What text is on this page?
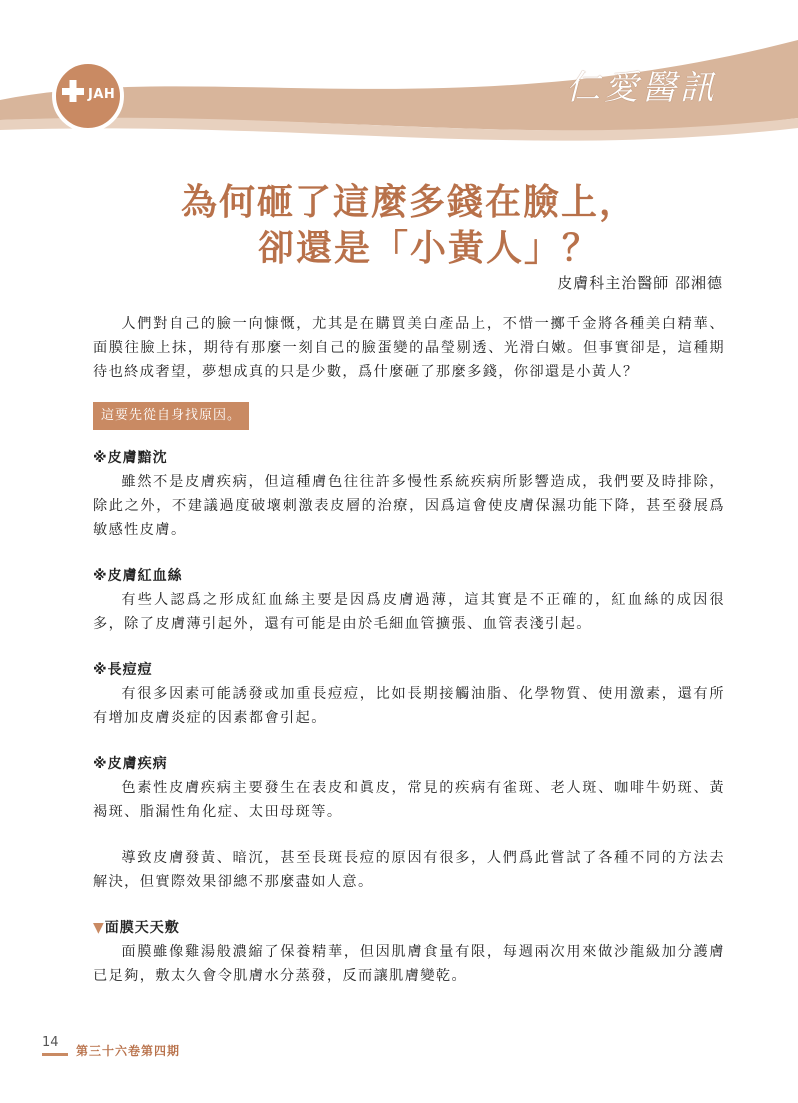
JAH	仁愛醫訊
為何砸了這麼多錢在臉上，
卻還是「小黃人」？
皮膚科主治醫師 邵湘德

人們對自己的臉一向慷慨，尤其是在購買美白產品上，不惜一擲千金將各種美白精華、面膜往臉上抹，期待有那麼一刻自己的臉蛋變的晶瑩剔透、光滑白嫩。但事實卻是，這種期待也終成奢望，夢想成真的只是少數，爲什麼砸了那麼多錢，你卻還是小黃人？

這要先從自身找原因。
※皮膚黯沈

雖然不是皮膚疾病，但這種膚色往往許多慢性系統疾病所影響造成，我們要及時排除，除此之外，不建議過度破壞刺激表皮層的治療，因爲這會使皮膚保濕功能下降，甚至發展爲敏感性皮膚。

※皮膚紅血絲

有些人認爲之形成紅血絲主要是因爲皮膚過薄，這其實是不正確的，紅血絲的成因很多，除了皮膚薄引起外，還有可能是由於毛細血管擴張、血管表淺引起。

※長痘痘

有很多因素可能誘發或加重長痘痘，比如長期接觸油脂、化學物質、使用激素，還有所有增加皮膚炎症的因素都會引起。

※皮膚疾病

色素性皮膚疾病主要發生在表皮和眞皮，常見的疾病有雀斑、老人斑、咖啡牛奶斑、黃褐斑、脂漏性角化症、太田母斑等。

導致皮膚發黃、暗沉，甚至長斑長痘的原因有很多，人們爲此嘗試了各種不同的方法去解決，但實際效果卻總不那麼盡如人意。

▼面膜天天敷

面膜雖像雞湯般濃縮了保養精華，但因肌膚食量有限，每週兩次用來做沙龍級加分護膚已足夠，敷太久會令肌膚水分蒸發，反而讓肌膚變乾。

14
第三十六卷第四期
